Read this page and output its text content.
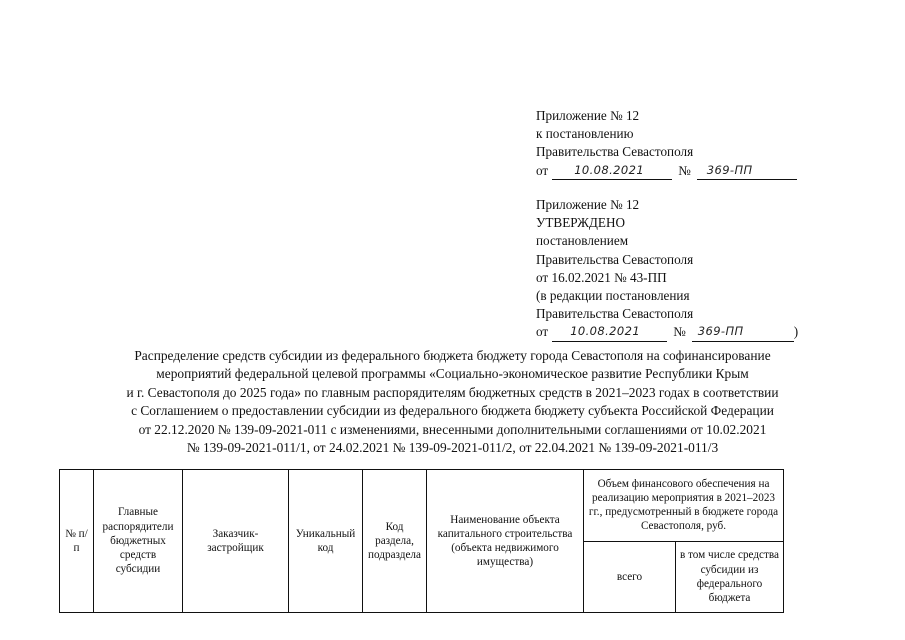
Приложение № 12
к постановлению
Правительства Севастополя
от 10.08.2021	№ 369-ПП
Приложение № 12
УТВЕРЖДЕНО
постановлением
Правительства Севастополя
от 16.02.2021 № 43-ПП
(в редакции постановления
Правительства Севастополя
от 10.08.2021	№ 369-ПП	)
Распределение средств субсидии из федерального бюджета бюджету города Севастополя на софинансирование
мероприятий федеральной целевой программы «Социально-экономическое развитие Республики Крым
и г. Севастополя до 2025 года» по главным распорядителям бюджетных средств в 2021–2023 годах в соответствии
с Соглашением о предоставлении субсидии из федерального бюджета бюджету субъекта Российской Федерации
от 22.12.2020 № 139-09-2021-011 с изменениями, внесенными дополнительными соглашениями от 10.02.2021
№ 139-09-2021-011/1, от 24.02.2021 № 139-09-2021-011/2, от 22.04.2021 № 139-09-2021-011/3
№ п/п	Главные распорядители бюджетных средств субсидии	Заказчик-застройщик	Уникальный код	Код раздела, подраздела	Наименование объекта капитального строительства (объекта недвижимого имущества)	Объем финансового обеспечения на реализацию мероприятия в 2021–2023 гг., предусмотренный в бюджете города Севастополя, руб.	
						всего	в том числе средства субсидии из федерального бюджета
